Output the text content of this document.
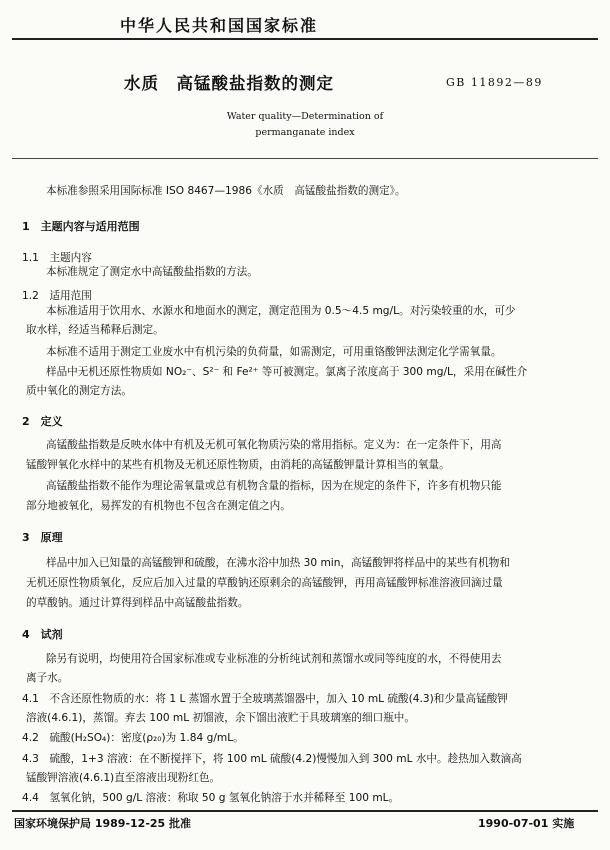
中华人民共和国国家标准
水质　高锰酸盐指数的测定	GB 11892—89
Water quality—Determination of
permanganate index
本标准参照采用国际标准 ISO 8467—1986《水质　高锰酸盐指数的测定》。
1　主题内容与适用范围
1.1　主题内容
本标准规定了测定水中高锰酸盐指数的方法。
1.2　适用范围
本标准适用于饮用水、水源水和地面水的测定，测定范围为 0.5～4.5 mg/L。对污染较重的水，可少
取水样，经适当稀释后测定。
本标准不适用于测定工业废水中有机污染的负荷量，如需测定，可用重铬酸钾法测定化学需氧量。
样品中无机还原性物质如 NO₂⁻、S²⁻ 和 Fe²⁺ 等可被测定。氯离子浓度高于 300 mg/L，采用在碱性介
质中氧化的测定方法。
2　定义
高锰酸盐指数是反映水体中有机及无机可氧化物质污染的常用指标。定义为：在一定条件下，用高
锰酸钾氧化水样中的某些有机物及无机还原性物质，由消耗的高锰酸钾量计算相当的氧量。
高锰酸盐指数不能作为理论需氧量或总有机物含量的指标，因为在规定的条件下，许多有机物只能
部分地被氧化，易挥发的有机物也不包含在测定值之内。
3　原理
样品中加入已知量的高锰酸钾和硫酸，在沸水浴中加热 30 min，高锰酸钾将样品中的某些有机物和
无机还原性物质氧化，反应后加入过量的草酸钠还原剩余的高锰酸钾，再用高锰酸钾标准溶液回滴过量
的草酸钠。通过计算得到样品中高锰酸盐指数。
4　试剂
除另有说明，均使用符合国家标准或专业标准的分析纯试剂和蒸馏水或同等纯度的水，不得使用去
离子水。
4.1　不含还原性物质的水：将 1 L 蒸馏水置于全玻璃蒸馏器中，加入 10 mL 硫酸(4.3)和少量高锰酸钾
溶液(4.6.1)，蒸馏。弃去 100 mL 初馏液，余下馏出液贮于具玻璃塞的细口瓶中。
4.2　硫酸(H₂SO₄)：密度(ρ₂₀)为 1.84 g/mL。
4.3　硫酸，1+3 溶液：在不断搅拌下，将 100 mL 硫酸(4.2)慢慢加入到 300 mL 水中。趁热加入数滴高
锰酸钾溶液(4.6.1)直至溶液出现粉红色。
4.4　氢氧化钠，500 g/L 溶液：称取 50 g 氢氧化钠溶于水并稀释至 100 mL。
国家环境保护局 1989-12-25 批准	1990-07-01 实施
